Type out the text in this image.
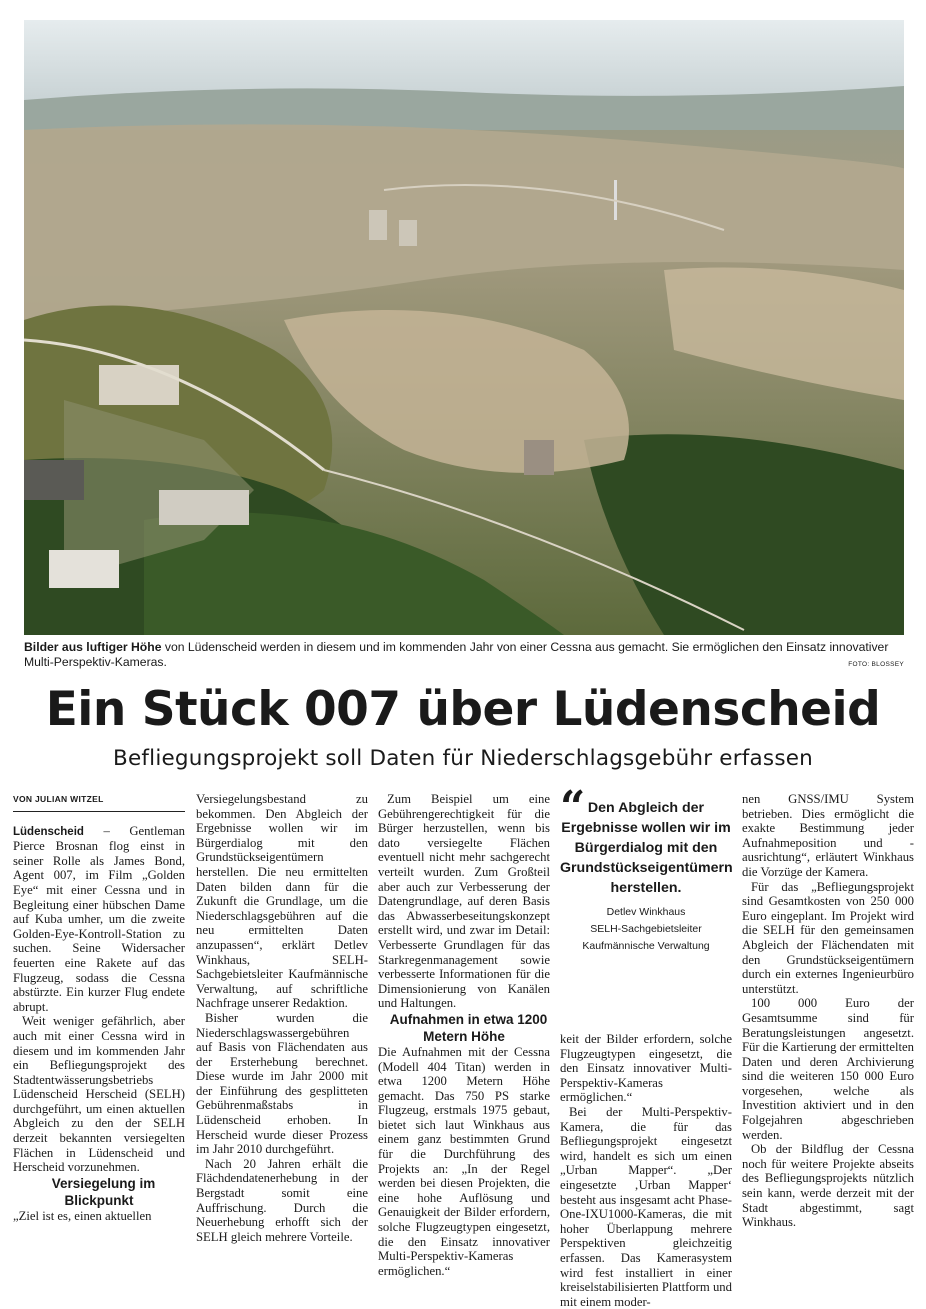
Bilder aus luftiger Höhe von Lüdenscheid werden in diesem und im kommenden Jahr von einer Cessna aus gemacht. Sie ermöglichen den Einsatz innovativer Multi-Perspektiv-Kameras.	FOTO: BLOSSEY
Ein Stück 007 über Lüdenscheid
Befliegungsprojekt soll Daten für Niederschlagsgebühr erfassen
VON JULIAN WITZEL

Lüdenscheid – Gentleman Pierce Brosnan flog einst in seiner Rolle als James Bond, Agent 007, im Film „Golden Eye“ mit einer Cessna und in Begleitung einer hübschen Dame auf Kuba umher, um die zweite Golden-Eye-Kontroll-Station zu suchen. Seine Widersacher feuerten eine Rakete auf das Flugzeug, sodass die Cessna abstürzte. Ein kurzer Flug endete abrupt.

Weit weniger gefährlich, aber auch mit einer Cessna wird in diesem und im kommenden Jahr ein Befliegungsprojekt des Stadtentwässerungsbetriebs Lüdenscheid Herscheid (SELH) durchgeführt, um einen aktuellen Abgleich zu den der SELH derzeit bekannten versiegelten Flächen in Lüdenscheid und Herscheid vorzunehmen.

Versiegelung im Blickpunkt

„Ziel ist es, einen aktuellen

Versiegelungsbestand zu bekommen. Den Abgleich der Ergebnisse wollen wir im Bürgerdialog mit den Grundstückseigentümern herstellen. Die neu ermittelten Daten bilden dann für die Zukunft die Grundlage, um die Niederschlagsgebühren auf die neu ermittelten Daten anzupassen“, erklärt Detlev Winkhaus, SELH-Sachgebietsleiter Kaufmännische Verwaltung, auf schriftliche Nachfrage unserer Redaktion.

Bisher wurden die Niederschlagswassergebühren auf Basis von Flächendaten aus der Ersterhebung berechnet. Diese wurde im Jahr 2000 mit der Einführung des gesplitteten Gebührenmaßstabs in Lüdenscheid erhoben. In Herscheid wurde dieser Prozess im Jahr 2010 durchgeführt.

Nach 20 Jahren erhält die Flächdendatenerhebung in der Bergstadt somit eine Auffrischung. Durch die Neuerhebung erhofft sich der SELH gleich mehrere Vorteile.

Zum Beispiel um eine Gebührengerechtigkeit für die Bürger herzustellen, wenn bis dato versiegelte Flächen eventuell nicht mehr sachgerecht verteilt wurden. Zum Großteil aber auch zur Verbesserung der Datengrundlage, auf deren Basis das Abwasserbeseitungskonzept erstellt wird, und zwar im Detail: Verbesserte Grundlagen für das Starkregenmanagement sowie verbesserte Informationen für die Dimensionierung von Kanälen und Haltungen.

Aufnahmen in etwa 1200 Metern Höhe

Die Aufnahmen mit der Cessna (Modell 404 Titan) werden in etwa 1200 Metern Höhe gemacht. Das 750 PS starke Flugzeug, erstmals 1975 gebaut, bietet sich laut Winkhaus aus einem ganz bestimmten Grund für die Durchführung des Projekts an: „In der Regel werden bei diesen Projekten, die eine hohe Auflösung und Genauigkeit der Bilder erfordern, solche Flugzeugtypen eingesetzt, die den Einsatz innovativer Multi-Perspektiv-Kameras ermöglichen.“

“ Den Abgleich der Ergebnisse wollen wir im Bürgerdialog mit den Grundstückseigentümern herstellen.

Detlev Winkhaus
SELH-Sachgebietsleiter
Kaufmännische Verwaltung

keit der Bilder erfordern, solche Flugzeugtypen eingesetzt, die den Einsatz innovativer Multi-Perspektiv-Kameras ermöglichen.“

Bei der Multi-Perspektiv-Kamera, die für das Befliegungsprojekt eingesetzt wird, handelt es sich um einen „Urban Mapper“. „Der eingesetzte ‚Urban Mapper‘ besteht aus insgesamt acht Phase-One-IXU1000-Kameras, die mit hoher Überlappung mehrere Perspektiven gleichzeitig erfassen. Das Kamerasystem wird fest installiert in einer kreiselstabilisierten Plattform und mit einem moder-

nen GNSS/IMU System betrieben. Dies ermöglicht die exakte Bestimmung jeder Aufnahmeposition und -ausrichtung“, erläutert Winkhaus die Vorzüge der Kamera.

Für das „Befliegungsprojekt sind Gesamtkosten von 250 000 Euro eingeplant. Im Projekt wird die SELH für den gemeinsamen Abgleich der Flächendaten mit den Grundstückseigentümern durch ein externes Ingenieurbüro unterstützt.

100 000 Euro der Gesamtsumme sind für Beratungsleistungen angesetzt. Für die Kartierung der ermittelten Daten und deren Archivierung sind die weiteren 150 000 Euro vorgesehen, welche als Investition aktiviert und in den Folgejahren abgeschrieben werden.

Ob der Bildflug der Cessna noch für weitere Projekte abseits des Befliegungsprojekts nützlich sein kann, werde derzeit mit der Stadt abgestimmt, sagt Winkhaus.
